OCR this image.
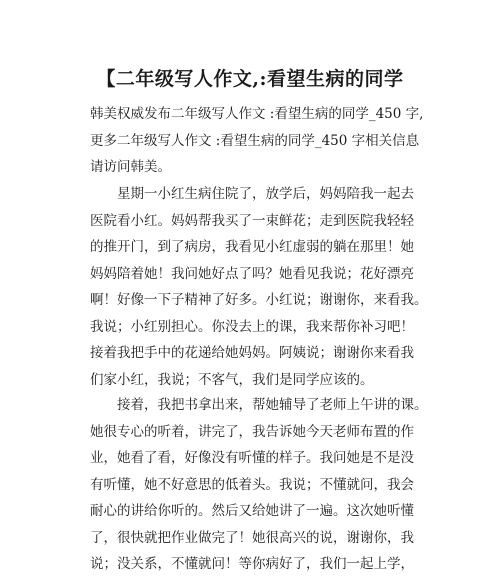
【二年级写人作文,:看望生病的同学
韩美权威发布二年级写人作文 :看望生病的同学_450 字,
更多二年级写人作文 :看望生病的同学_450 字相关信息
请访问韩美。
星期一小红生病住院了，放学后，妈妈陪我一起去
医院看小红。妈妈帮我买了一束鲜花；走到医院我轻轻
的推开门，到了病房，我看见小红虚弱的躺在那里！她
妈妈陪着她！我问她好点了吗？她看见我说；花好漂亮
啊！好像一下子精神了好多。小红说；谢谢你，来看我。
我说；小红别担心。你没去上的课，我来帮你补习吧！
接着我把手中的花递给她妈妈。阿姨说；谢谢你来看我
们家小红，我说；不客气，我们是同学应该的。
接着，我把书拿出来，帮她辅导了老师上午讲的课。
她很专心的听着，讲完了，我告诉她今天老师布置的作
业，她看了看，好像没有听懂的样子。我问她是不是没
有听懂，她不好意思的低着头。我说；不懂就问，我会
耐心的讲给你听的。然后又给她讲了一遍。这次她听懂
了，很快就把作业做完了！她很高兴的说，谢谢你，我
说；没关系，不懂就问！等你病好了，我们一起上学，
